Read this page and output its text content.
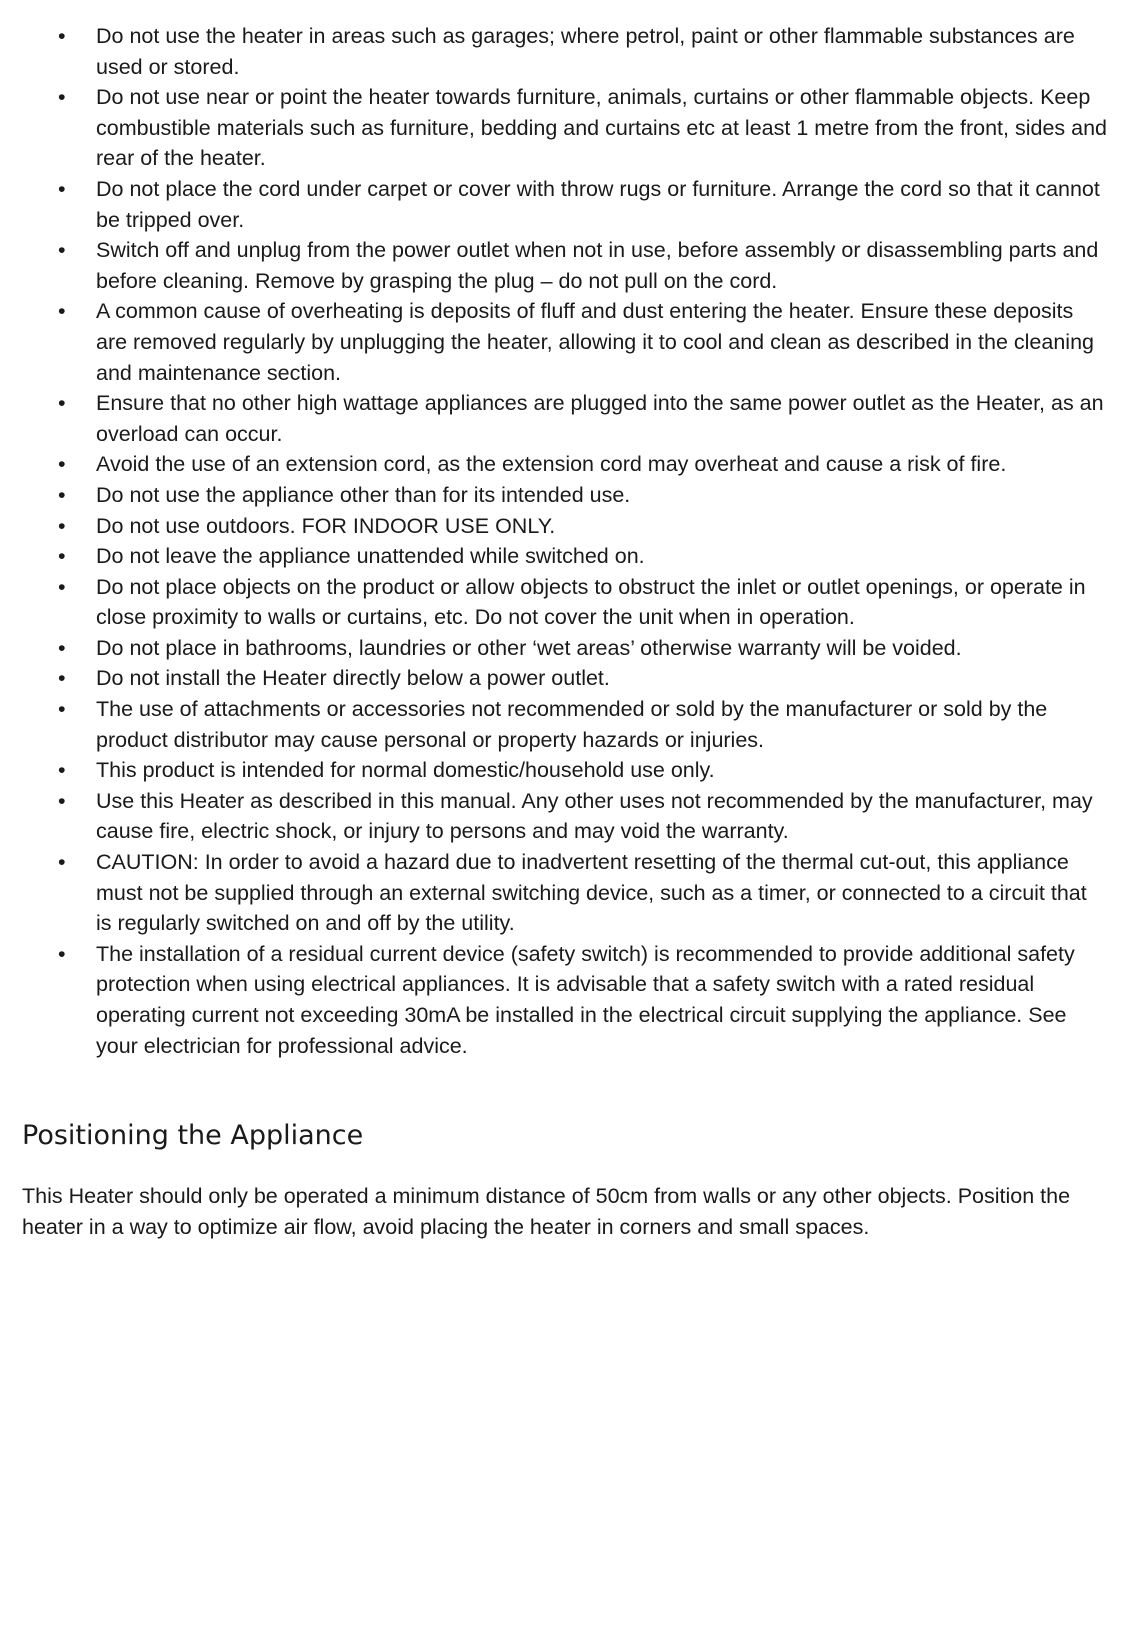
•	Do not use the heater in areas such as garages; where petrol, paint or other flammable substances are used or stored.
•	Do not use near or point the heater towards furniture, animals, curtains or other flammable objects. Keep combustible materials such as furniture, bedding and curtains etc at least 1 metre from the front, sides and rear of the heater.
•	Do not place the cord under carpet or cover with throw rugs or furniture. Arrange the cord so that it cannot be tripped over.
•	Switch off and unplug from the power outlet when not in use, before assembly or disassembling parts and before cleaning. Remove by grasping the plug – do not pull on the cord.
•	A common cause of overheating is deposits of fluff and dust entering the heater. Ensure these deposits are removed regularly by unplugging the heater, allowing it to cool and clean as described in the cleaning and maintenance section.
•	Ensure that no other high wattage appliances are plugged into the same power outlet as the Heater, as an overload can occur.
•	Avoid the use of an extension cord, as the extension cord may overheat and cause a risk of fire.
•	Do not use the appliance other than for its intended use.
•	Do not use outdoors. FOR INDOOR USE ONLY.
•	Do not leave the appliance unattended while switched on.
•	Do not place objects on the product or allow objects to obstruct the inlet or outlet openings, or operate in close proximity to walls or curtains, etc. Do not cover the unit when in operation.
•	Do not place in bathrooms, laundries or other ‘wet areas’ otherwise warranty will be voided.
•	Do not install the Heater directly below a power outlet.
•	The use of attachments or accessories not recommended or sold by the manufacturer or sold by the product distributor may cause personal or property hazards or injuries.
•	This product is intended for normal domestic/household use only.
•	Use this Heater as described in this manual. Any other uses not recommended by the manufacturer, may cause fire, electric shock, or injury to persons and may void the warranty.
•	CAUTION: In order to avoid a hazard due to inadvertent resetting of the thermal cut-out, this appliance must not be supplied through an external switching device, such as a timer, or connected to a circuit that is regularly switched on and off by the utility.
•	The installation of a residual current device (safety switch) is recommended to provide additional safety protection when using electrical appliances. It is advisable that a safety switch with a rated residual operating current not exceeding 30mA be installed in the electrical circuit supplying the appliance. See your electrician for professional advice.
Positioning the Appliance

This Heater should only be operated a minimum distance of 50cm from walls or any other objects. Position the heater in a way to optimize air flow, avoid placing the heater in corners and small spaces.
